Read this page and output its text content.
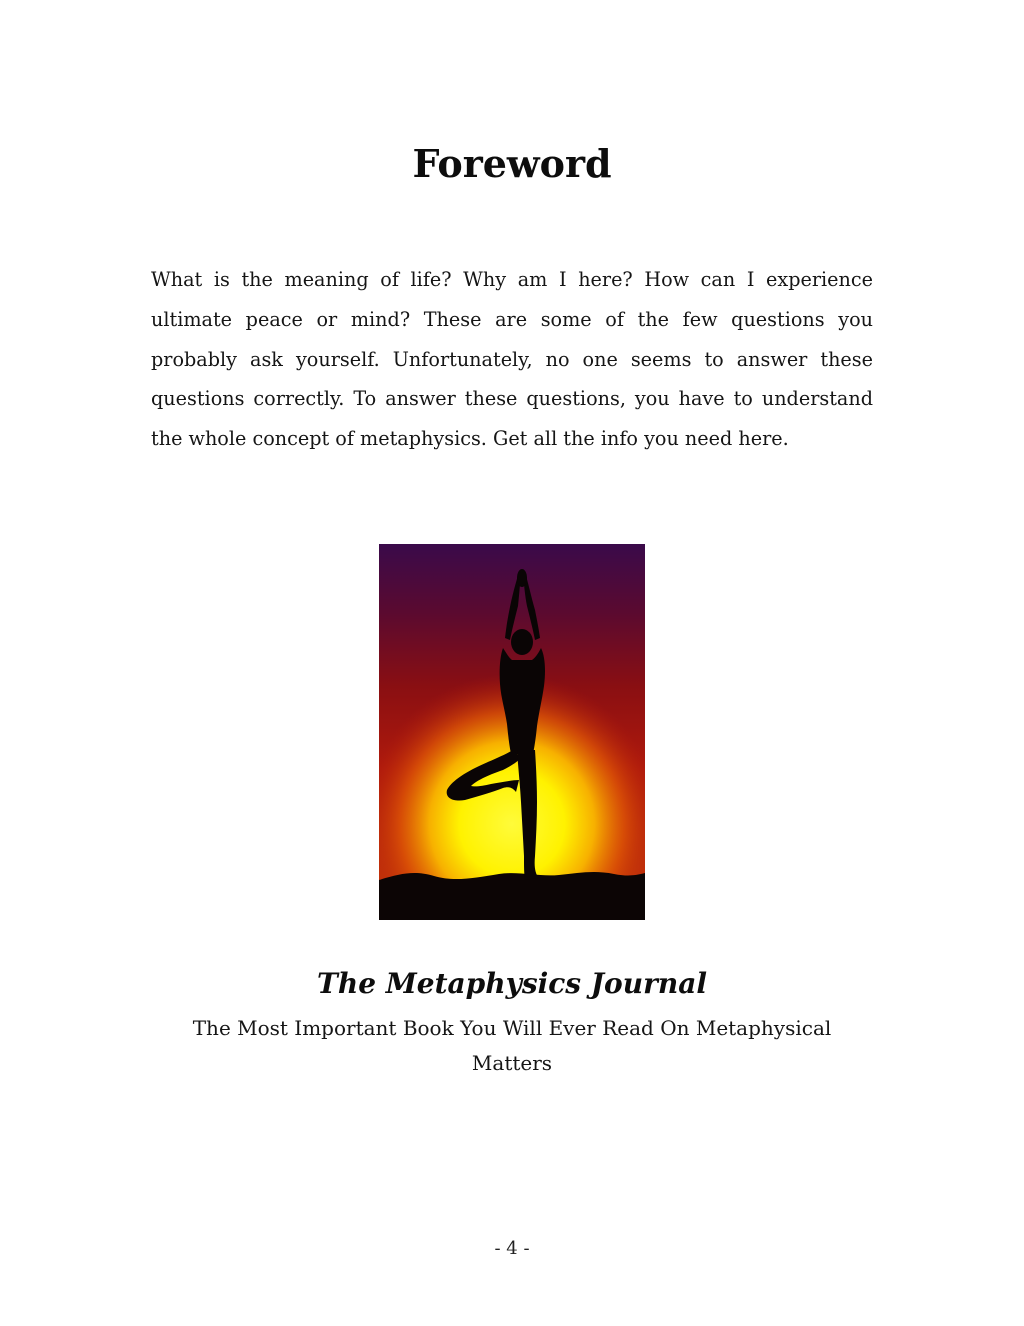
Foreword

What is the meaning of life? Why am I here? How can I experience ultimate peace or mind? These are some of the few questions you probably ask yourself. Unfortunately, no one seems to answer these questions correctly. To answer these questions, you have to understand the whole concept of metaphysics. Get all the info you need here.

The Metaphysics Journal

The Most Important Book You Will Ever Read On Metaphysical Matters

- 4 -
